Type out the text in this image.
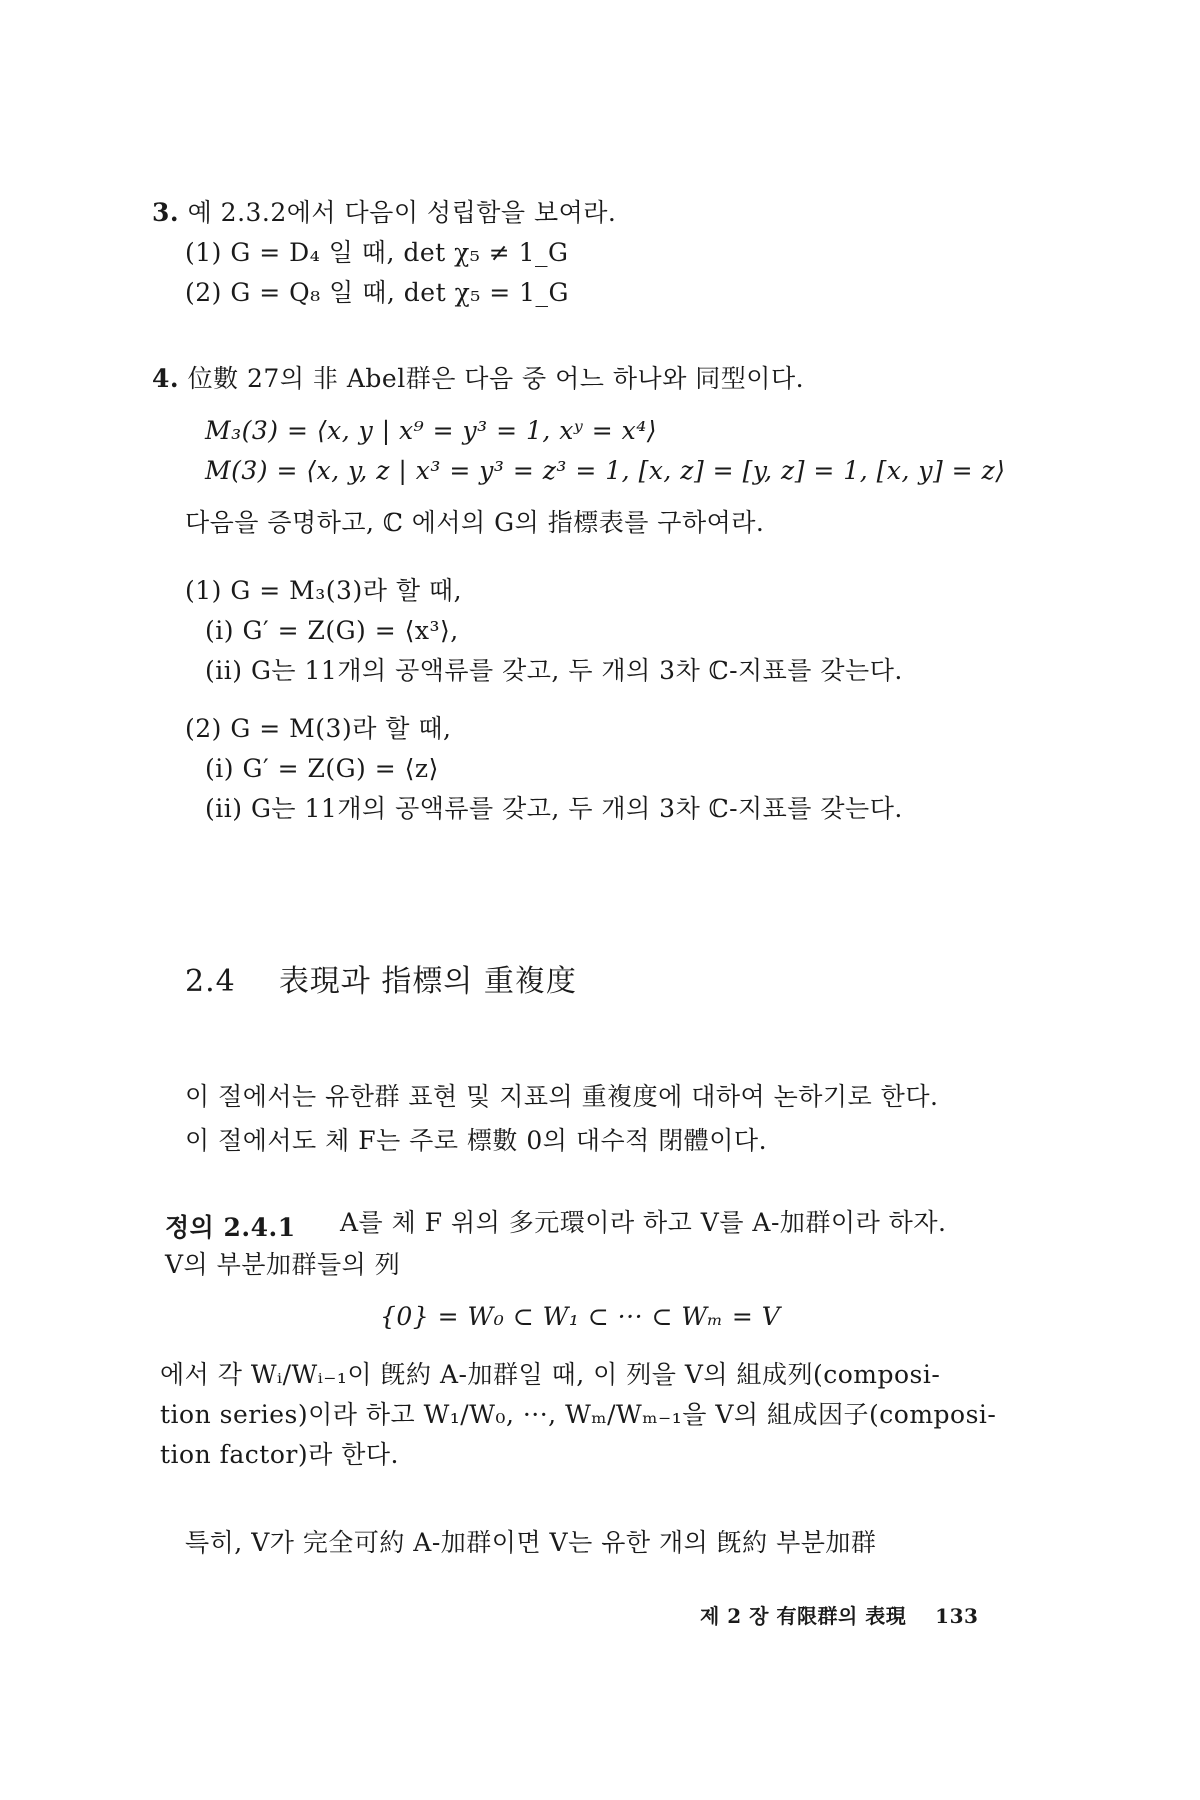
3. 예 2.3.2에서 다음이 성립함을 보여라.
(1) G = D₄ 일 때, det χ₅ ≠ 1_G
(2) G = Q₈ 일 때, det χ₅ = 1_G
4. 位數 27의 非 Abel群은 다음 중 어느 하나와 同型이다.
M₃(3) = ⟨x, y | x⁹ = y³ = 1, xʸ = x⁴⟩
M(3) = ⟨x, y, z | x³ = y³ = z³ = 1, [x, z] = [y, z] = 1, [x, y] = z⟩
다음을 증명하고, ℂ 에서의 G의 指標表를 구하여라.
(1) G = M₃(3)라 할 때,
(i) G′ = Z(G) = ⟨x³⟩,
(ii) G는 11개의 공액류를 갖고, 두 개의 3차 ℂ-지표를 갖는다.
(2) G = M(3)라 할 때,
(i) G′ = Z(G) = ⟨z⟩
(ii) G는 11개의 공액류를 갖고, 두 개의 3차 ℂ-지표를 갖는다.
2.4 表現과 指標의 重複度
이 절에서는 유한群 표현 및 지표의 重複度에 대하여 논하기로 한다.
이 절에서도 체 F는 주로 標數 0의 대수적 閉體이다.
정의 2.4.1 A를 체 F 위의 多元環이라 하고 V를 A-加群이라 하자.
V의 부분加群들의 列
{0} = W₀ ⊂ W₁ ⊂ ··· ⊂ Wₘ = V
에서 각 Wᵢ/Wᵢ₋₁이 旣約 A-加群일 때, 이 列을 V의 組成列(composi-
tion series)이라 하고 W₁/W₀, ···, Wₘ/Wₘ₋₁을 V의 組成因子(composi-
tion factor)라 한다.
특히, V가 完全可約 A-加群이면 V는 유한 개의 旣約 부분加群
제 2 장 有限群의 表現 133
